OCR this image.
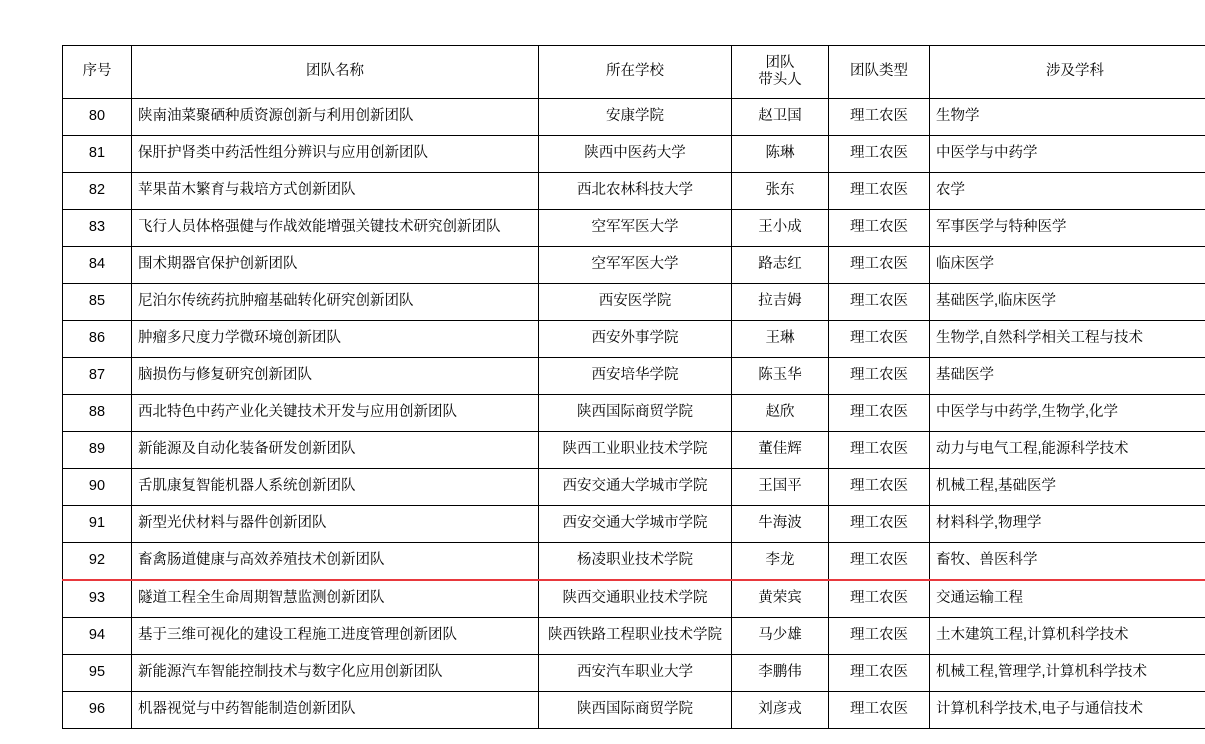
序号	团队名称	所在学校	团队
带头人	团队类型	涉及学科
80	陕南油菜聚硒种质资源创新与利用创新团队	安康学院	赵卫国	理工农医	生物学
81	保肝护肾类中药活性组分辨识与应用创新团队	陕西中医药大学	陈琳	理工农医	中医学与中药学
82	苹果苗木繁育与栽培方式创新团队	西北农林科技大学	张东	理工农医	农学
83	飞行人员体格强健与作战效能增强关键技术研究创新团队	空军军医大学	王小成	理工农医	军事医学与特种医学
84	围术期器官保护创新团队	空军军医大学	路志红	理工农医	临床医学
85	尼泊尔传统药抗肿瘤基础转化研究创新团队	西安医学院	拉吉姆	理工农医	基础医学,临床医学
86	肿瘤多尺度力学微环境创新团队	西安外事学院	王琳	理工农医	生物学,自然科学相关工程与技术
87	脑损伤与修复研究创新团队	西安培华学院	陈玉华	理工农医	基础医学
88	西北特色中药产业化关键技术开发与应用创新团队	陕西国际商贸学院	赵欣	理工农医	中医学与中药学,生物学,化学
89	新能源及自动化装备研发创新团队	陕西工业职业技术学院	董佳辉	理工农医	动力与电气工程,能源科学技术
90	舌肌康复智能机器人系统创新团队	西安交通大学城市学院	王国平	理工农医	机械工程,基础医学
91	新型光伏材料与器件创新团队	西安交通大学城市学院	牛海波	理工农医	材料科学,物理学
92	畜禽肠道健康与高效养殖技术创新团队	杨凌职业技术学院	李龙	理工农医	畜牧、兽医科学
93	隧道工程全生命周期智慧监测创新团队	陕西交通职业技术学院	黄荣宾	理工农医	交通运输工程
94	基于三维可视化的建设工程施工进度管理创新团队	陕西铁路工程职业技术学院	马少雄	理工农医	土木建筑工程,计算机科学技术
95	新能源汽车智能控制技术与数字化应用创新团队	西安汽车职业大学	李鹏伟	理工农医	机械工程,管理学,计算机科学技术
96	机器视觉与中药智能制造创新团队	陕西国际商贸学院	刘彦戎	理工农医	计算机科学技术,电子与通信技术
